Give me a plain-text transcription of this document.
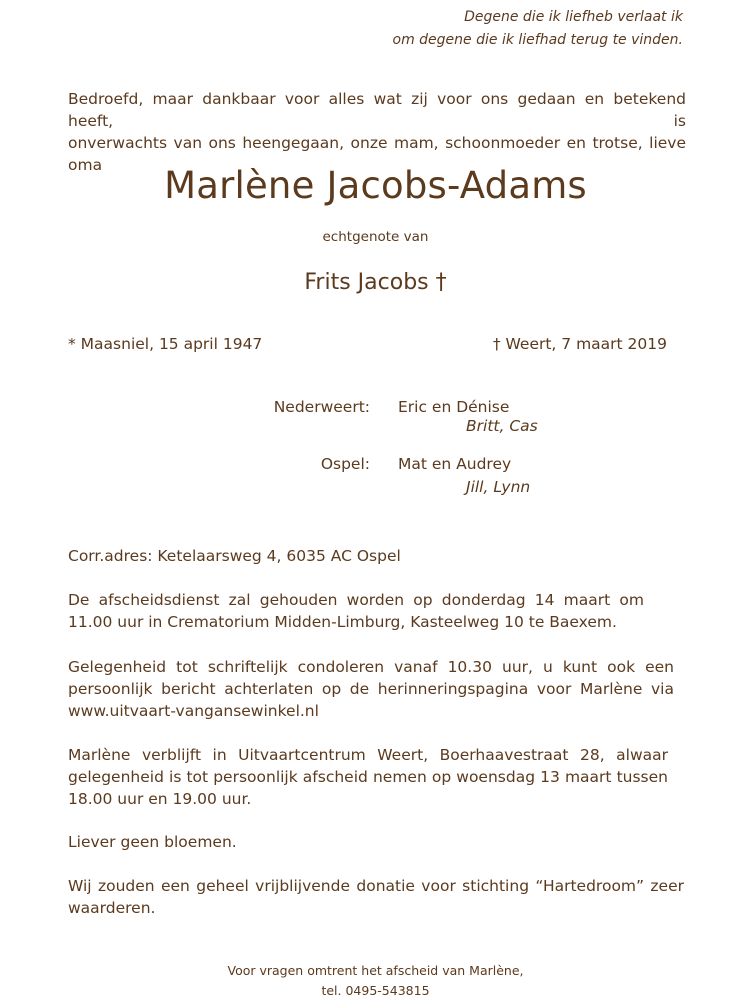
Degene die ik liefheb verlaat ik
om degene die ik liefhad terug te vinden.
Bedroefd, maar dankbaar voor alles wat zij voor ons gedaan en betekend heeft, is
onverwachts van ons heengegaan, onze mam, schoonmoeder en trotse, lieve oma	Marlène Jacobs-Adams
echtgenote van
Frits Jacobs †
* Maasniel, 15 april 1947	† Weert, 7 maart 2019
Nederweert: Eric en Dénise
Britt, Cas
Ospel: Mat en Audrey
Jill, Lynn
Corr.adres: Ketelaarsweg 4, 6035 AC Ospel
De afscheidsdienst zal gehouden worden op donderdag 14 maart om 11.00 uur in Crematorium Midden-Limburg, Kasteelweg 10 te Baexem.
Gelegenheid tot schriftelijk condoleren vanaf 10.30 uur, u kunt ook een persoonlijk bericht achterlaten op de herinneringspagina voor Marlène via www.uitvaart-vangansewinkel.nl
Marlène verblijft in Uitvaartcentrum Weert, Boerhaavestraat 28, alwaar gelegenheid is tot persoonlijk afscheid nemen op woensdag 13 maart tussen 18.00 uur en 19.00 uur.
Liever geen bloemen.
Wij zouden een geheel vrijblijvende donatie voor stichting “Hartedroom” zeer waarderen.
Voor vragen omtrent het afscheid van Marlène,
tel. 0495-543815
